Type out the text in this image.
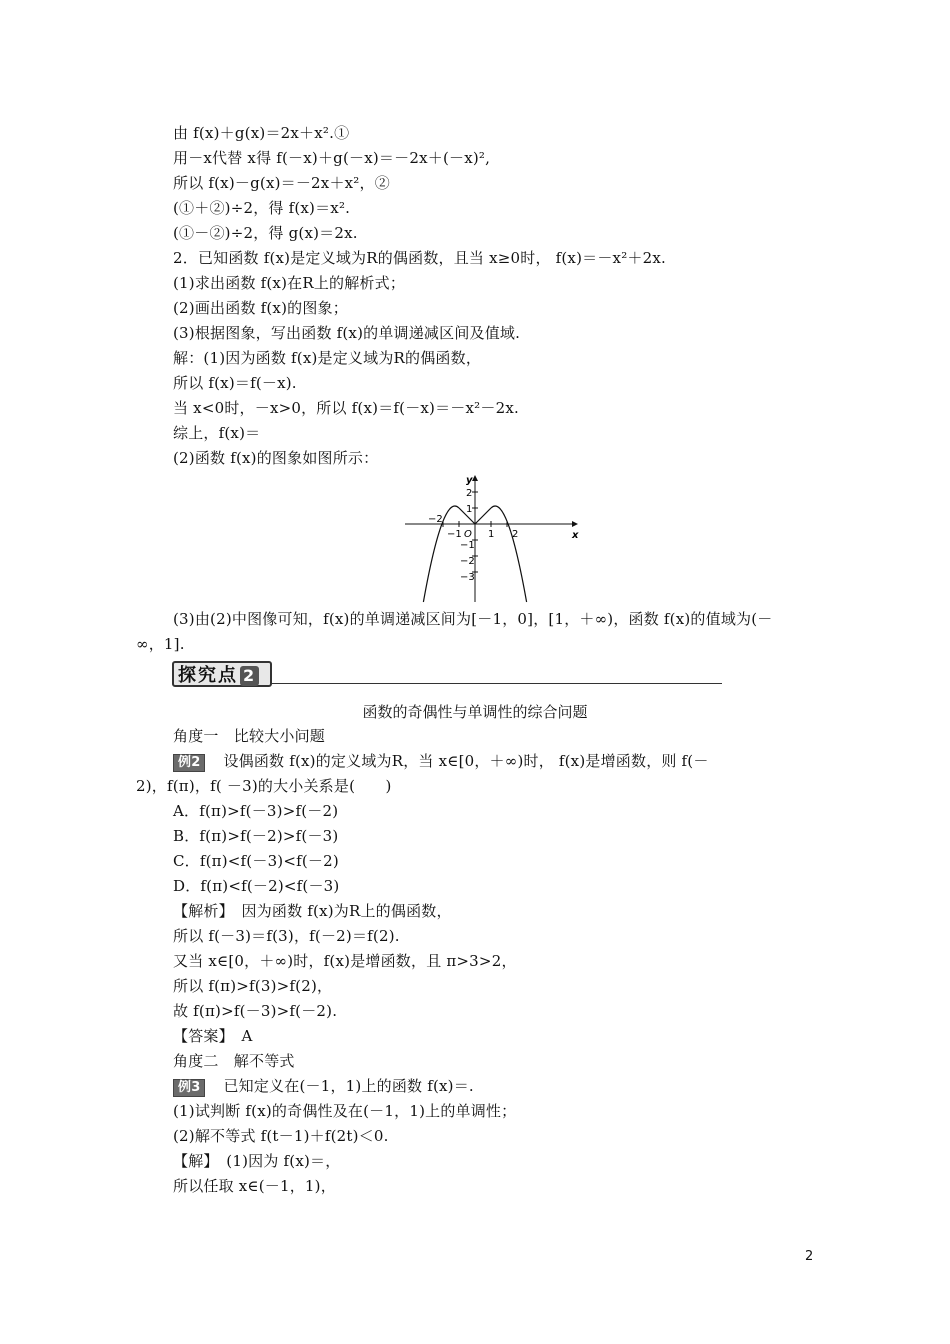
由 f(x)＋g(x)＝2x＋x².①
用－x代替 x得 f(－x)＋g(－x)＝－2x＋(－x)²,
所以 f(x)－g(x)＝－2x＋x²，②
(①＋②)÷2，得 f(x)＝x².
(①－②)÷2，得 g(x)＝2x.
2．已知函数 f(x)是定义域为R的偶函数，且当 x≥0时， f(x)＝－x²＋2x.
(1)求出函数 f(x)在R上的解析式；
(2)画出函数 f(x)的图象；
(3)根据图象，写出函数 f(x)的单调递减区间及值域.
解：(1)因为函数 f(x)是定义域为R的偶函数，
所以 f(x)＝f(－x).
当 x<0时，－x>0，所以 f(x)＝f(－x)＝－x²－2x.
综上，f(x)＝
(2)函数 f(x)的图象如图所示：
y
x
O
2
1
−1
−2
−3
−2
−1	1 2
(3)由(2)中图像可知，f(x)的单调递减区间为[－1，0]，[1，＋∞)，函数 f(x)的值域为(－
∞，1].
探究点 2
函数的奇偶性与单调性的综合问题
角度一　比较大小问题
例2 设偶函数 f(x)的定义域为R，当 x∈[0，＋∞)时， f(x)是增函数，则 f(－
2)，f(π)，f( －3)的大小关系是(　　)
A．f(π)>f(－3)>f(－2)
B．f(π)>f(－2)>f(－3)
C．f(π)<f(－3)<f(－2)
D．f(π)<f(－2)<f(－3)
【解析】　因为函数 f(x)为R上的偶函数，
所以 f(－3)＝f(3)，f(－2)＝f(2).
又当 x∈[0，＋∞)时，f(x)是增函数，且 π>3>2，
所以 f(π)>f(3)>f(2)，
故 f(π)>f(－3)>f(－2).
【答案】　A
角度二　解不等式
例3 已知定义在(－1，1)上的函数 f(x)＝.
(1)试判断 f(x)的奇偶性及在(－1，1)上的单调性；
(2)解不等式 f(t－1)＋f(2t)＜0.
【解】　(1)因为 f(x)＝，
所以任取 x∈(－1，1)，
2
